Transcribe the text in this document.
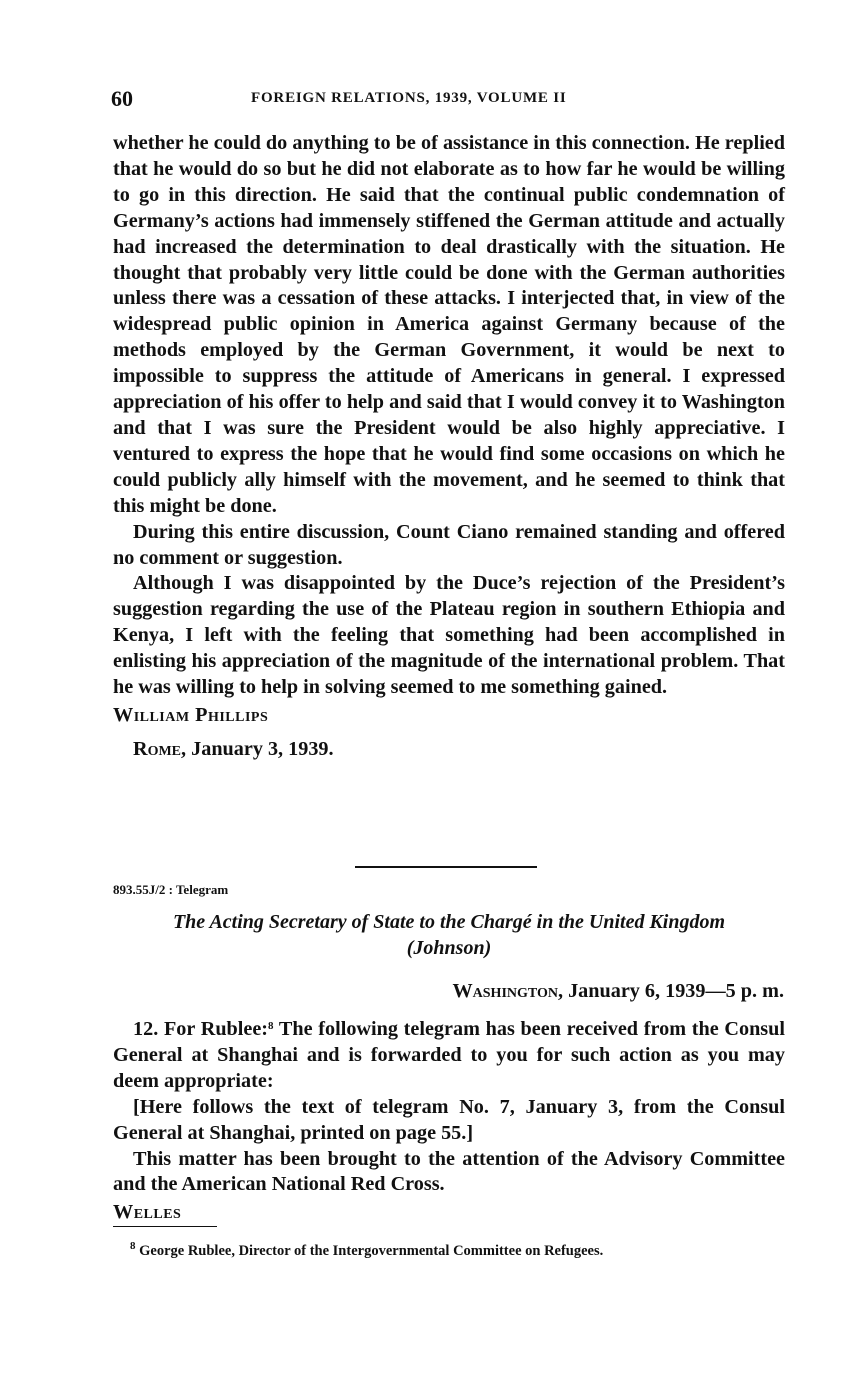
60	FOREIGN RELATIONS, 1939, VOLUME II

whether he could do anything to be of assistance in this connection. He replied that he would do so but he did not elaborate as to how far he would be willing to go in this direction. He said that the continual public condemnation of Germany’s actions had immensely stiffened the German attitude and actually had increased the determination to deal drastically with the situation. He thought that probably very little could be done with the German authorities unless there was a cessation of these attacks. I interjected that, in view of the widespread public opinion in America against Germany because of the methods employed by the German Government, it would be next to impossible to suppress the attitude of Americans in general. I expressed appreciation of his offer to help and said that I would convey it to Washington and that I was sure the President would be also highly appreciative. I ventured to express the hope that he would find some occasions on which he could publicly ally himself with the movement, and he seemed to think that this might be done.

During this entire discussion, Count Ciano remained standing and offered no comment or suggestion.

Although I was disappointed by the Duce’s rejection of the President’s suggestion regarding the use of the Plateau region in southern Ethiopia and Kenya, I left with the feeling that something had been accomplished in enlisting his appreciation of the magnitude of the international problem. That he was willing to help in solving seemed to me something gained.

William Phillips

Rome, January 3, 1939.

893.55J/2 : Telegram
The Acting Secretary of State to the Chargé in the United Kingdom
(Johnson)
Washington, January 6, 1939—5 p. m.

12. For Rublee:$^8$ The following telegram has been received from the Consul General at Shanghai and is forwarded to you for such action as you may deem appropriate:

[Here follows the text of telegram No. 7, January 3, from the Consul General at Shanghai, printed on page 55.]

This matter has been brought to the attention of the Advisory Committee and the American National Red Cross.

Welles

$^8$ George Rublee, Director of the Intergovernmental Committee on Refugees.
